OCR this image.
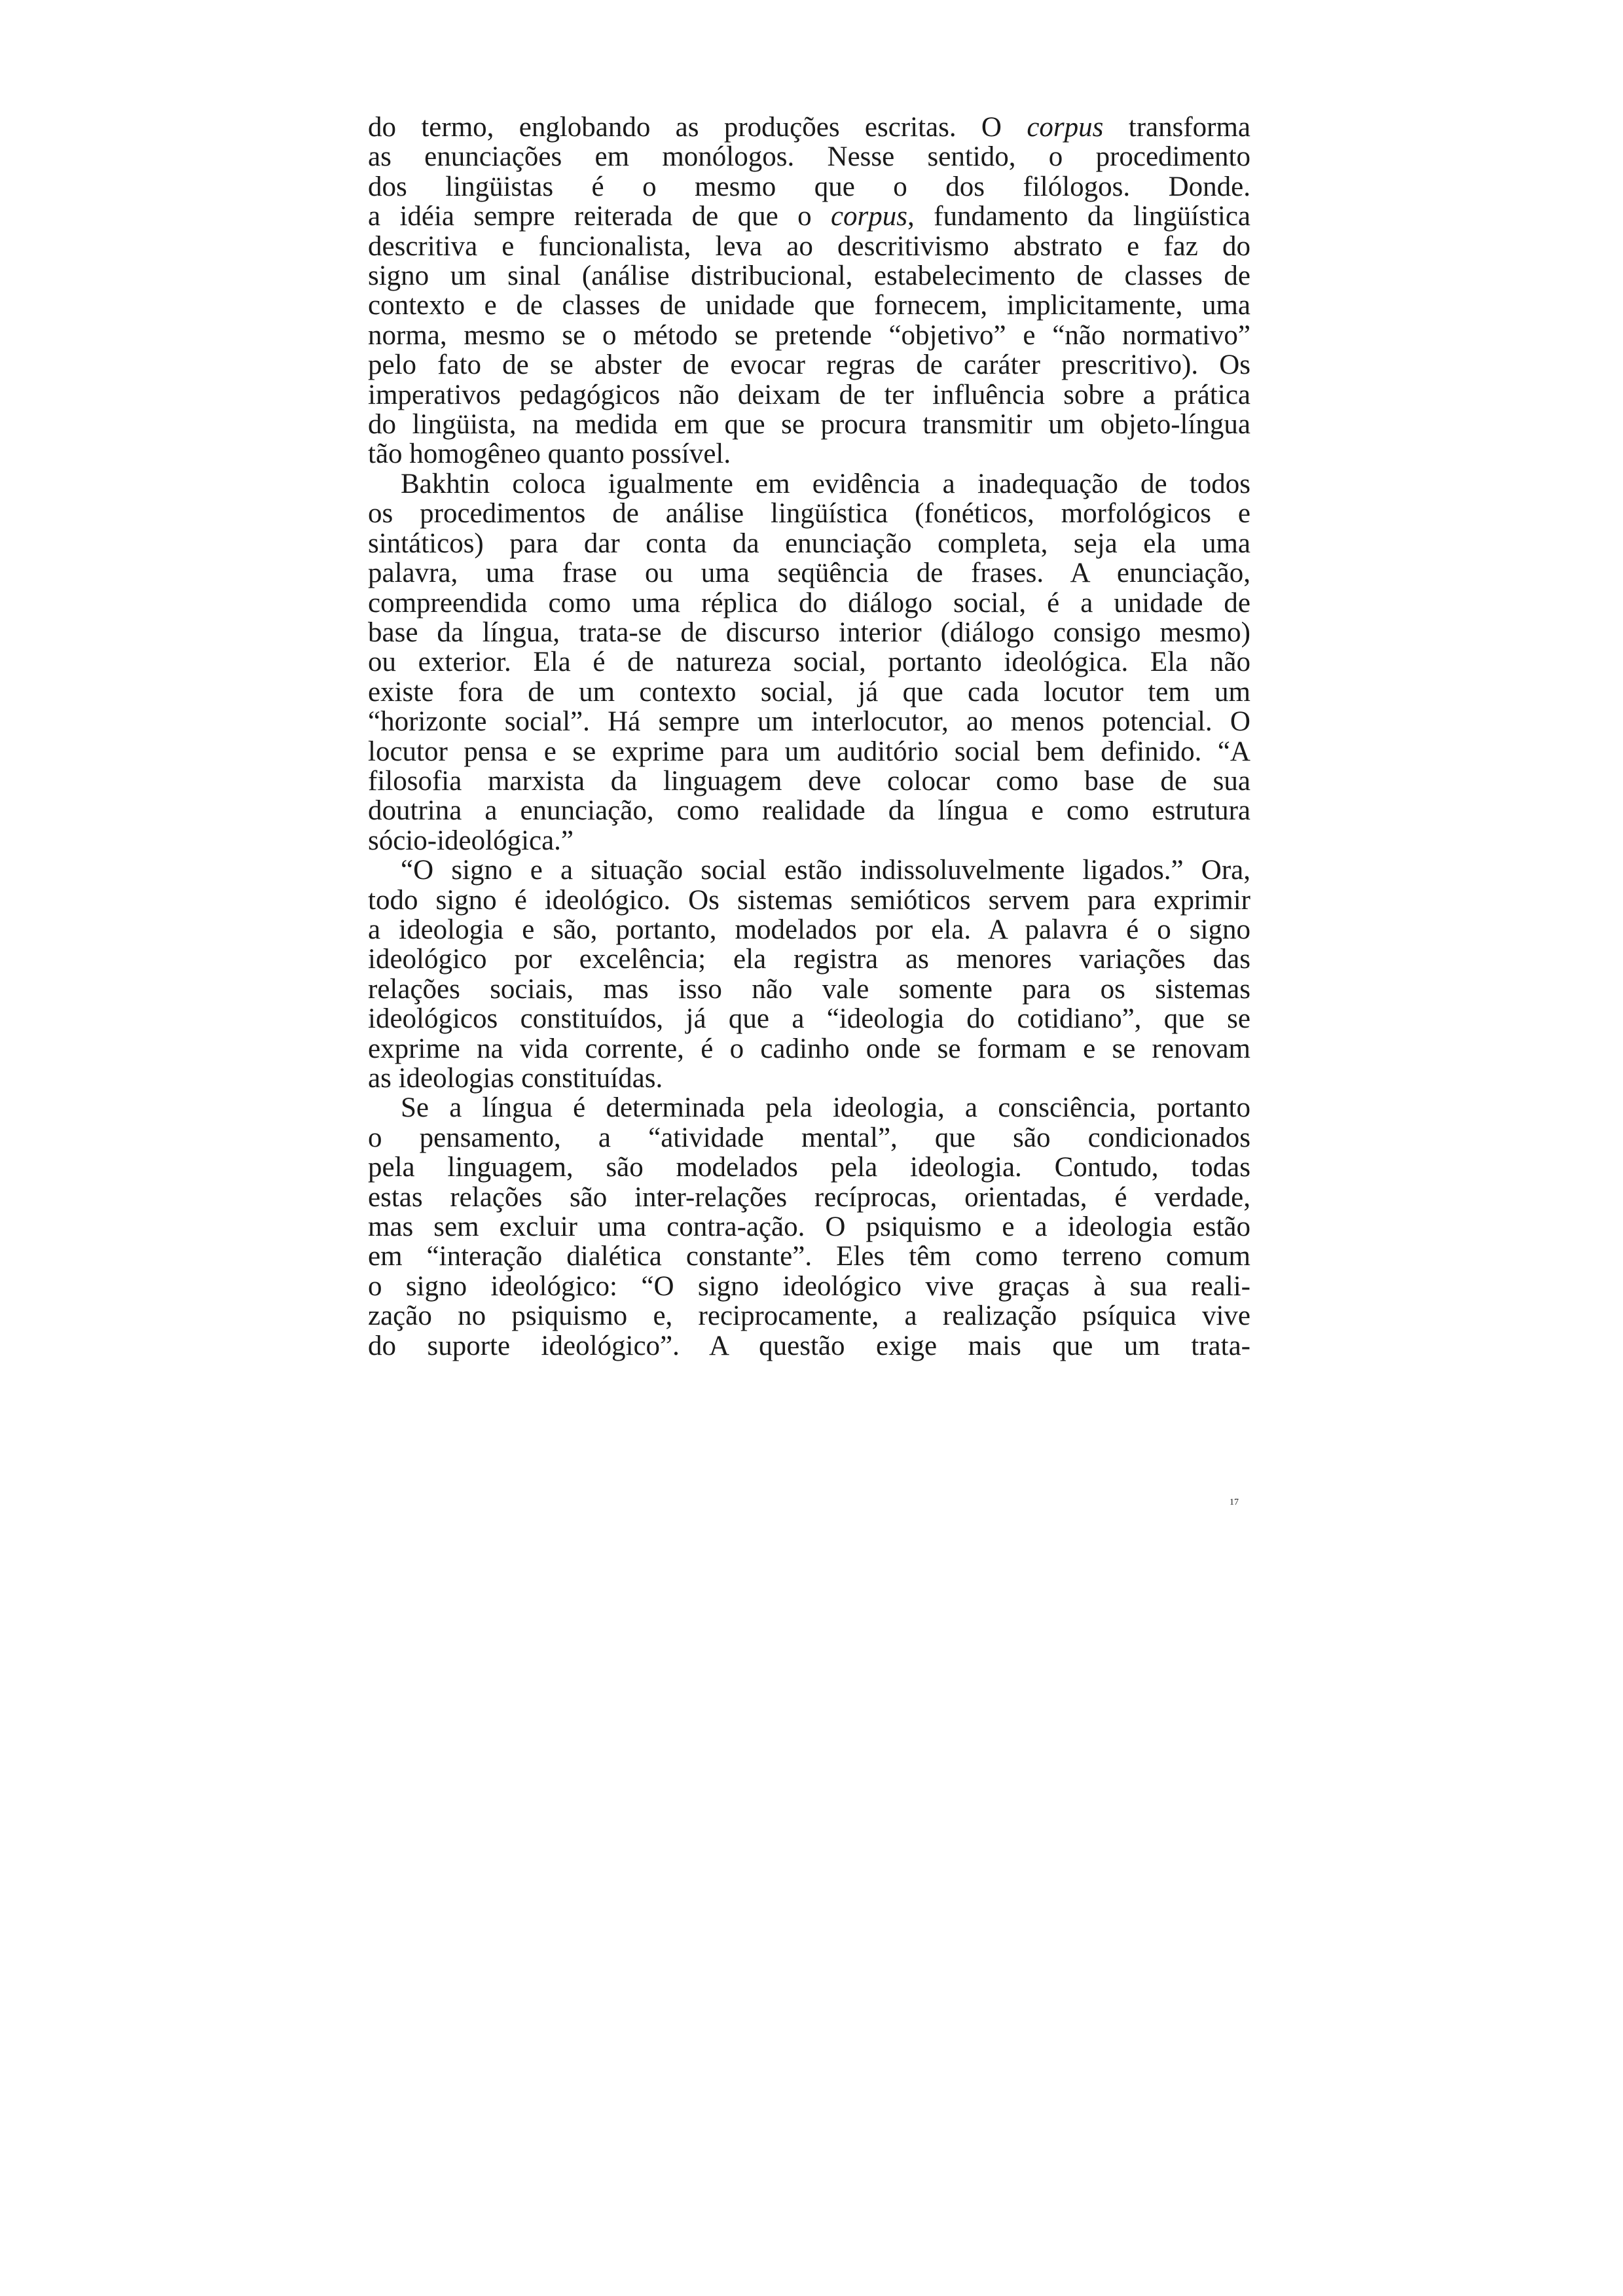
do termo, englobando as produções escritas. O corpus transforma
as enunciações em monólogos. Nesse sentido, o procedimento
dos lingüistas é o mesmo que o dos filólogos. Donde.
a idéia sempre reiterada de que o corpus, fundamento da lingüística
descritiva e funcionalista, leva ao descritivismo abstrato e faz do
signo um sinal (análise distribucional, estabelecimento de classes de
contexto e de classes de unidade que fornecem, implicitamente, uma
norma, mesmo se o método se pretende “objetivo” e “não normativo”
pelo fato de se abster de evocar regras de caráter prescritivo). Os
imperativos pedagógicos não deixam de ter influência sobre a prática
do lingüista, na medida em que se procura transmitir um objeto-língua
tão homogêneo quanto possível.

Bakhtin coloca igualmente em evidência a inadequação de todos
os procedimentos de análise lingüística (fonéticos, morfológicos e
sintáticos) para dar conta da enunciação completa, seja ela uma
palavra, uma frase ou uma seqüência de frases. A enunciação,
compreendida como uma réplica do diálogo social, é a unidade de
base da língua, trata-se de discurso interior (diálogo consigo mesmo)
ou exterior. Ela é de natureza social, portanto ideológica. Ela não
existe fora de um contexto social, já que cada locutor tem um
“horizonte social”. Há sempre um interlocutor, ao menos potencial. O
locutor pensa e se exprime para um auditório social bem definido. “A
filosofia marxista da linguagem deve colocar como base de sua
doutrina a enunciação, como realidade da língua e como estrutura
sócio-ideológica.”

“O signo e a situação social estão indissoluvelmente ligados.” Ora,
todo signo é ideológico. Os sistemas semióticos servem para exprimir
a ideologia e são, portanto, modelados por ela. A palavra é o signo
ideológico por excelência; ela registra as menores variações das
relações sociais, mas isso não vale somente para os sistemas
ideológicos constituídos, já que a “ideologia do cotidiano”, que se
exprime na vida corrente, é o cadinho onde se formam e se renovam
as ideologias constituídas.

Se a língua é determinada pela ideologia, a consciência, portanto
o pensamento, a “atividade mental”, que são condicionados
pela linguagem, são modelados pela ideologia. Contudo, todas
estas relações são inter-relações recíprocas, orientadas, é verdade,
mas sem excluir uma contra-ação. O psiquismo e a ideologia estão
em “interação dialética constante”. Eles têm como terreno comum
o signo ideológico: “O signo ideológico vive graças à sua reali-
zação no psiquismo e, reciprocamente, a realização psíquica vive
do suporte ideológico”. A questão exige mais que um trata-

17
